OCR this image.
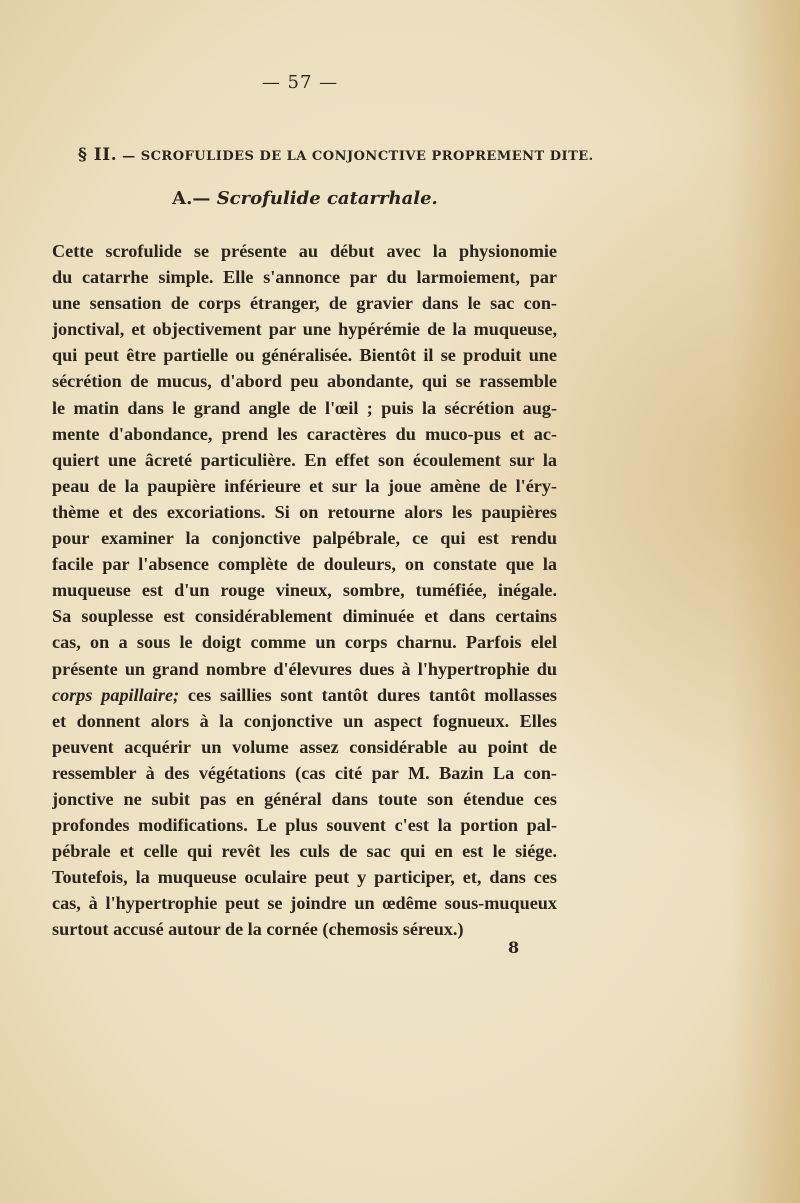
— 57 —
§ II. — SCROFULIDES DE LA CONJONCTIVE PROPREMENT DITE.
A.— Scrofulide catarrhale.
Cette scrofulide se présente au début avec la physionomie
du catarrhe simple. Elle s'annonce par du larmoiement, par
une sensation de corps étranger, de gravier dans le sac con-
jonctival, et objectivement par une hypérémie de la muqueuse,
qui peut être partielle ou généralisée. Bientôt il se produit une
sécrétion de mucus, d'abord peu abondante, qui se rassemble
le matin dans le grand angle de l'œil ; puis la sécrétion aug-
mente d'abondance, prend les caractères du muco-pus et ac-
quiert une âcreté particulière. En effet son écoulement sur la
peau de la paupière inférieure et sur la joue amène de l'éry-
thème et des excoriations. Si on retourne alors les paupières
pour examiner la conjonctive palpébrale, ce qui est rendu
facile par l'absence complète de douleurs, on constate que la
muqueuse est d'un rouge vineux, sombre, tuméfiée, inégale.
Sa souplesse est considérablement diminuée et dans certains
cas, on a sous le doigt comme un corps charnu. Parfois elel
présente un grand nombre d'élevures dues à l'hypertrophie du
corps papillaire; ces saillies sont tantôt dures tantôt mollasses
et donnent alors à la conjonctive un aspect fognueux. Elles
peuvent acquérir un volume assez considérable au point de
ressembler à des végétations (cas cité par M. Bazin La con-
jonctive ne subit pas en général dans toute son étendue ces
profondes modifications. Le plus souvent c'est la portion pal-
pébrale et celle qui revêt les culs de sac qui en est le siége.
Toutefois, la muqueuse oculaire peut y participer, et, dans ces
cas, à l'hypertrophie peut se joindre un œdême sous-muqueux
surtout accusé autour de la cornée (chemosis séreux.)
8
